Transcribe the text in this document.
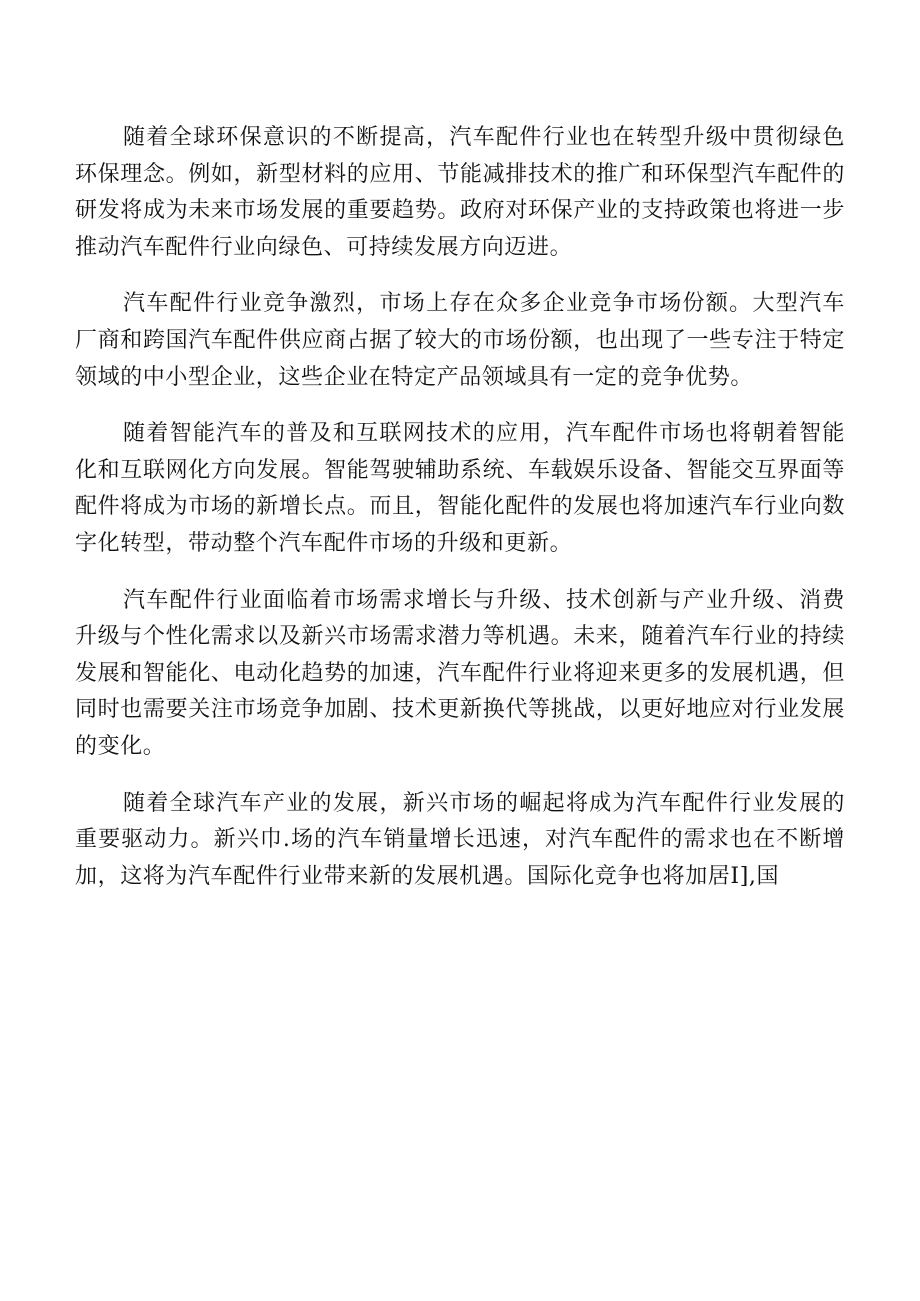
随着全球环保意识的不断提高，汽车配件行业也在转型升级中贯彻绿色环保理念。例如，新型材料的应用、节能减排技术的推广和环保型汽车配件的研发将成为未来市场发展的重要趋势。政府对环保产业的支持政策也将进一步推动汽车配件行业向绿色、可持续发展方向迈进。

汽车配件行业竞争激烈，市场上存在众多企业竞争市场份额。大型汽车厂商和跨国汽车配件供应商占据了较大的市场份额，也出现了一些专注于特定领域的中小型企业，这些企业在特定产品领域具有一定的竞争优势。

随着智能汽车的普及和互联网技术的应用，汽车配件市场也将朝着智能化和互联网化方向发展。智能驾驶辅助系统、车载娱乐设备、智能交互界面等配件将成为市场的新增长点。而且，智能化配件的发展也将加速汽车行业向数字化转型，带动整个汽车配件市场的升级和更新。

汽车配件行业面临着市场需求增长与升级、技术创新与产业升级、消费升级与个性化需求以及新兴市场需求潜力等机遇。未来，随着汽车行业的持续发展和智能化、电动化趋势的加速，汽车配件行业将迎来更多的发展机遇，但同时也需要关注市场竞争加剧、技术更新换代等挑战，以更好地应对行业发展的变化。

随着全球汽车产业的发展，新兴市场的崛起将成为汽车配件行业发展的重要驱动力。新兴巾.场的汽车销量增长迅速，对汽车配件的需求也在不断增加，这将为汽车配件行业带来新的发展机遇。国际化竞争也将加居I],国
